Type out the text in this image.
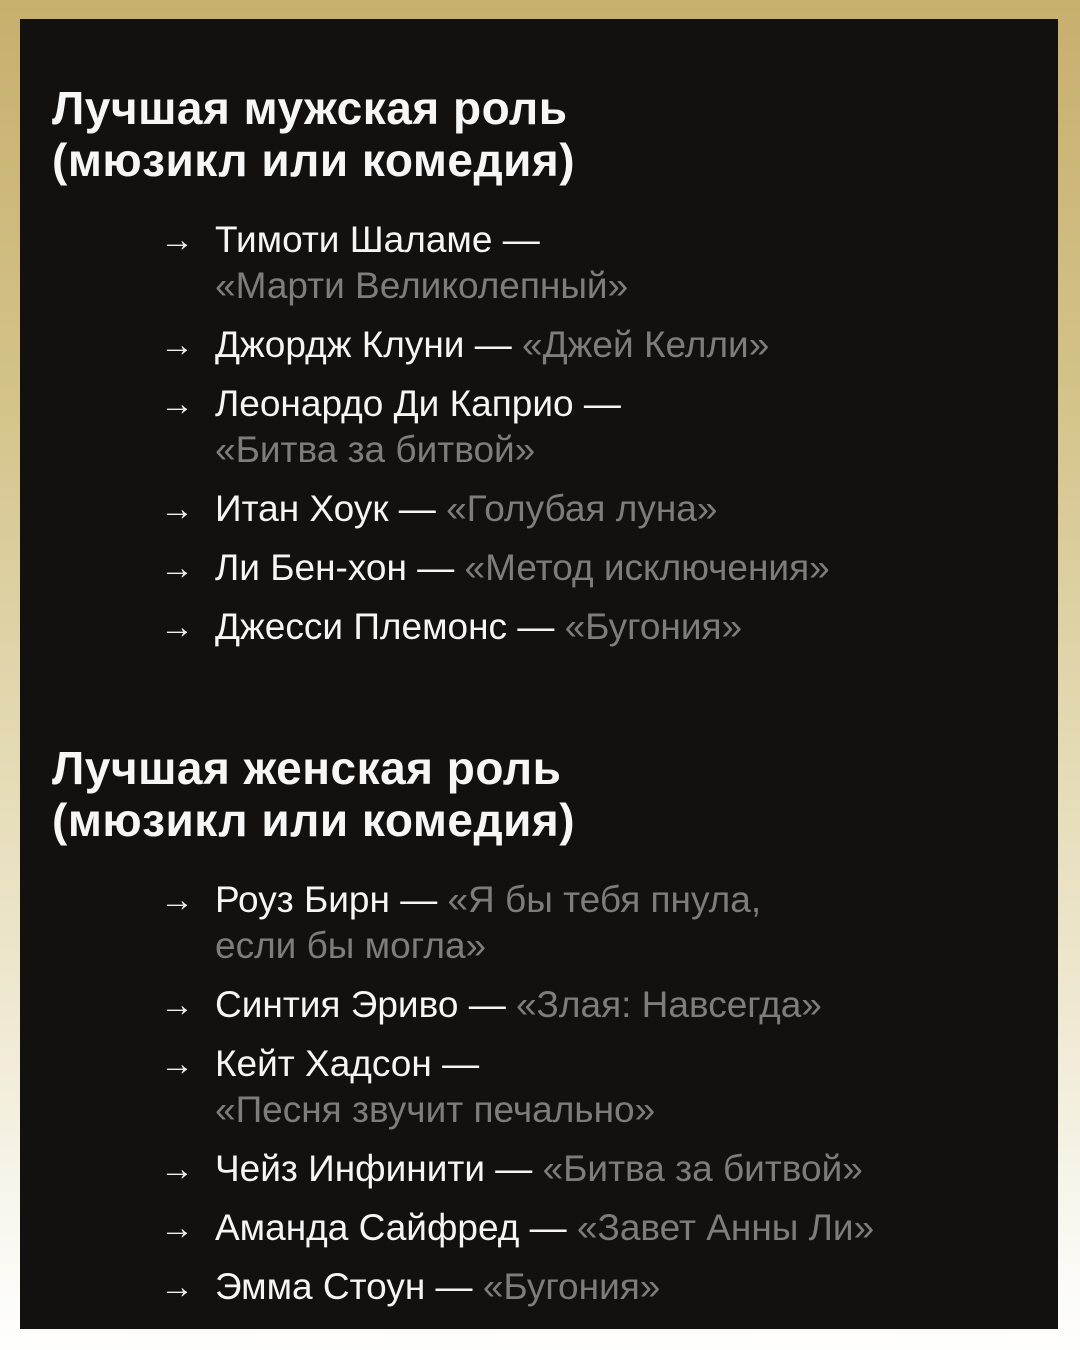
Лучшая мужская роль
(мюзикл или комедия)
→ Тимоти Шаламе —
«Марти Великолепный»
→ Джордж Клуни — «Джей Келли»
→ Леонардо Ди Каприо —
«Битва за битвой»
→ Итан Хоук — «Голубая луна»
→ Ли Бен-хон — «Метод исключения»
→ Джесси Племонс — «Бугония»
Лучшая женская роль
(мюзикл или комедия)
→ Роуз Бирн — «Я бы тебя пнула,
если бы могла»
→ Синтия Эриво — «Злая: Навсегда»
→ Кейт Хадсон —
«Песня звучит печально»
→ Чейз Инфинити — «Битва за битвой»
→ Аманда Сайфред — «Завет Анны Ли»
→ Эмма Стоун — «Бугония»
